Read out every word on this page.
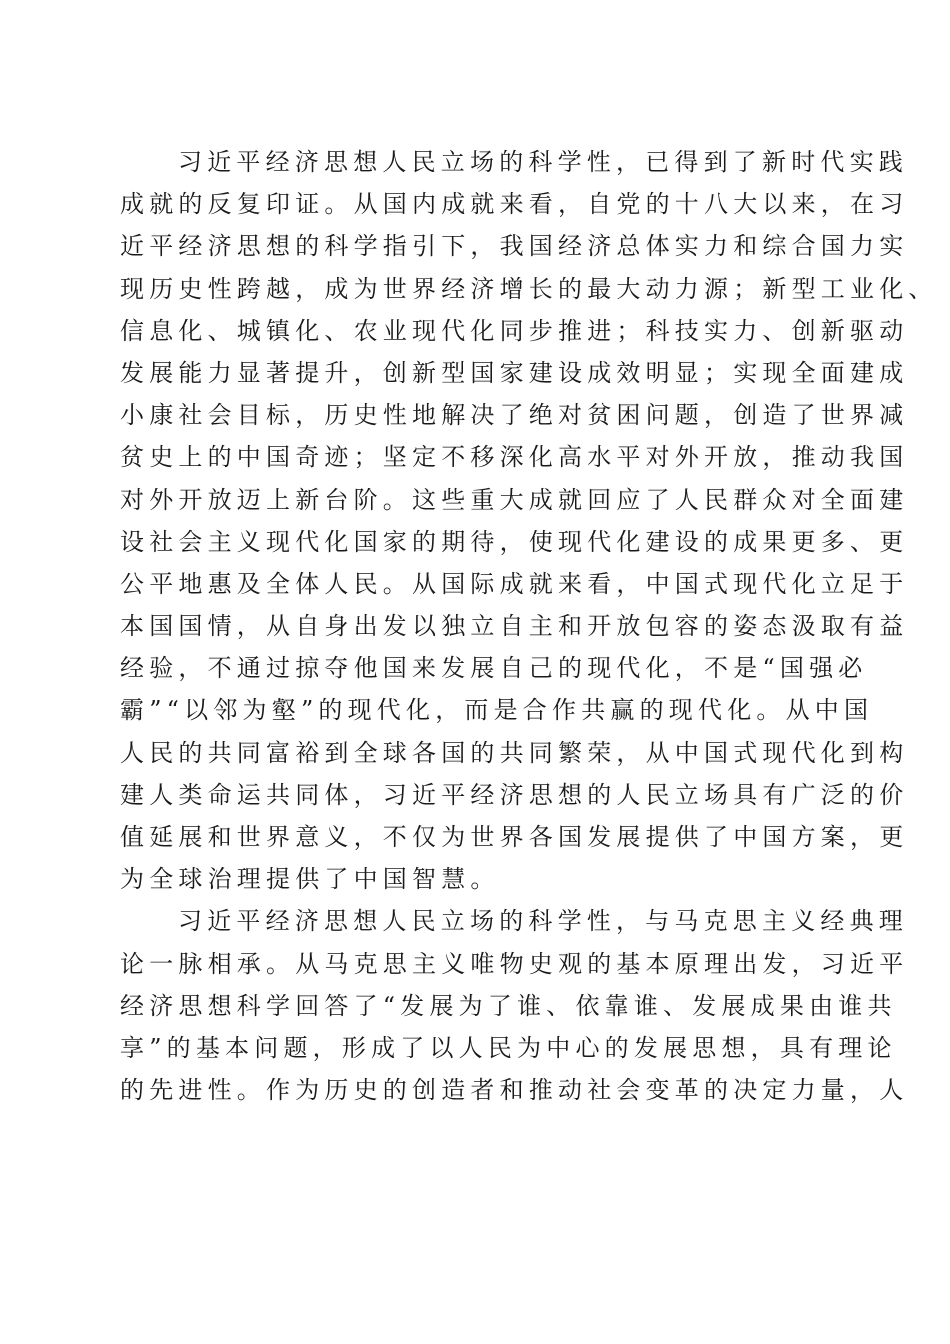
习近平经济思想人民立场的科学性，已得到了新时代实践
成就的反复印证。从国内成就来看，自党的十八大以来，在习
近平经济思想的科学指引下，我国经济总体实力和综合国力实
现历史性跨越，成为世界经济增长的最大动力源；新型工业化、
信息化、城镇化、农业现代化同步推进；科技实力、创新驱动
发展能力显著提升，创新型国家建设成效明显；实现全面建成
小康社会目标，历史性地解决了绝对贫困问题，创造了世界减
贫史上的中国奇迹；坚定不移深化高水平对外开放，推动我国
对外开放迈上新台阶。这些重大成就回应了人民群众对全面建
设社会主义现代化国家的期待，使现代化建设的成果更多、更
公平地惠及全体人民。从国际成就来看，中国式现代化立足于
本国国情，从自身出发以独立自主和开放包容的姿态汲取有益
经验，不通过掠夺他国来发展自己的现代化，不是“国强必
霸”“以邻为壑”的现代化，而是合作共赢的现代化。从中国
人民的共同富裕到全球各国的共同繁荣，从中国式现代化到构
建人类命运共同体，习近平经济思想的人民立场具有广泛的价
值延展和世界意义，不仅为世界各国发展提供了中国方案，更
为全球治理提供了中国智慧。
习近平经济思想人民立场的科学性，与马克思主义经典理
论一脉相承。从马克思主义唯物史观的基本原理出发，习近平
经济思想科学回答了“发展为了谁、依靠谁、发展成果由谁共
享”的基本问题，形成了以人民为中心的发展思想，具有理论
的先进性。作为历史的创造者和推动社会变革的决定力量，人
